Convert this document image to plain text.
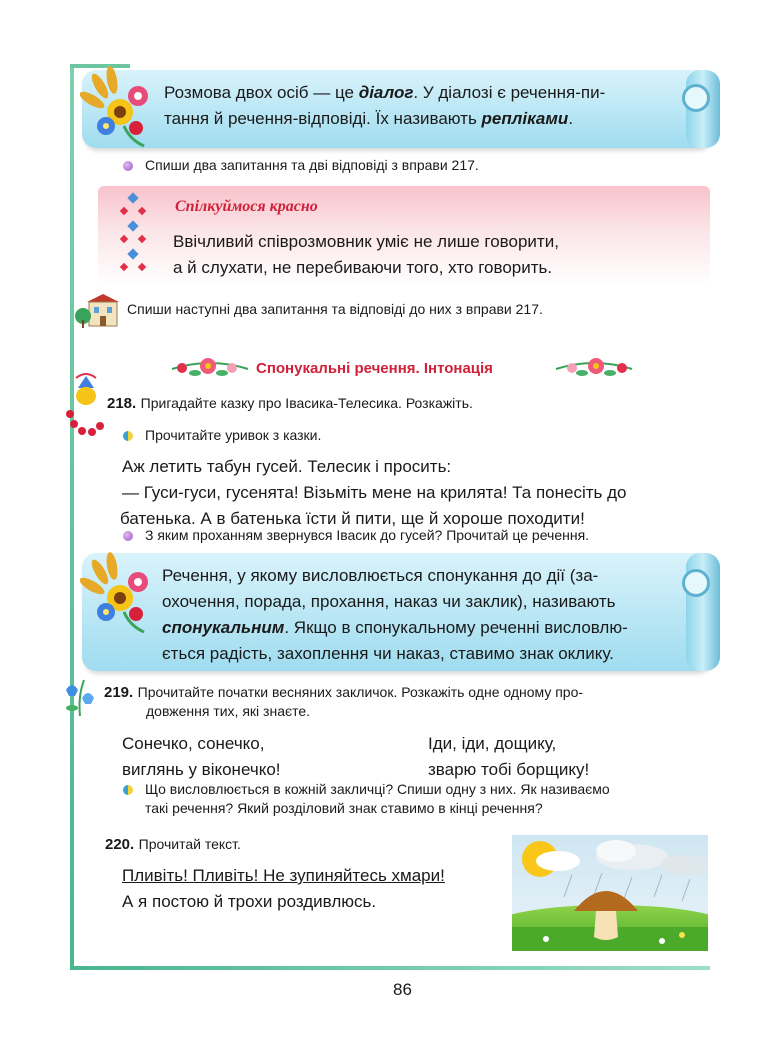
Розмова двох осіб — це діалог. У діалозі є речення-пи-
тання й речення-відповіді. Їх називають репліками.
Спиши два запитання та дві відповіді з вправи 217.
Спілкуймося красно
Ввічливий співрозмовник уміє не лише говорити,
а й слухати, не перебиваючи того, хто говорить.
Спиши наступні два запитання та відповіді до них з вправи 217.
Спонукальні речення. Інтонація
218. Пригадайте казку про Івасика-Телесика. Розкажіть.
Прочитайте уривок з казки.
Аж летить табун гусей. Телесик і просить:
— Гуси-гуси, гусенята! Візьміть мене на крилята! Та понесіть до
батенька. А в батенька їсти й пити, ще й хороше походити!
З яким проханням звернувся Івасик до гусей? Прочитай це речення.
Речення, у якому висловлюється спонукання до дії (за-
охочення, порада, прохання, наказ чи заклик), називають
спонукальним. Якщо в спонукальному реченні висловлю-
ється радість, захоплення чи наказ, ставимо знак оклику.
219. Прочитайте початки весняних закличок. Розкажіть одне одному про-
довження тих, які знаєте.
Сонечко, сонечко,
виглянь у віконечко!
Іди, іди, дощику,
зварю тобі борщику!
Що висловлюється в кожній закличці? Спиши одну з них. Як називаємо
такі речення? Який розділовий знак ставимо в кінці речення?
220. Прочитай текст.
Пливіть! Пливіть! Не зупиняйтесь хмари!
А я постою й трохи роздивлюсь.
86
